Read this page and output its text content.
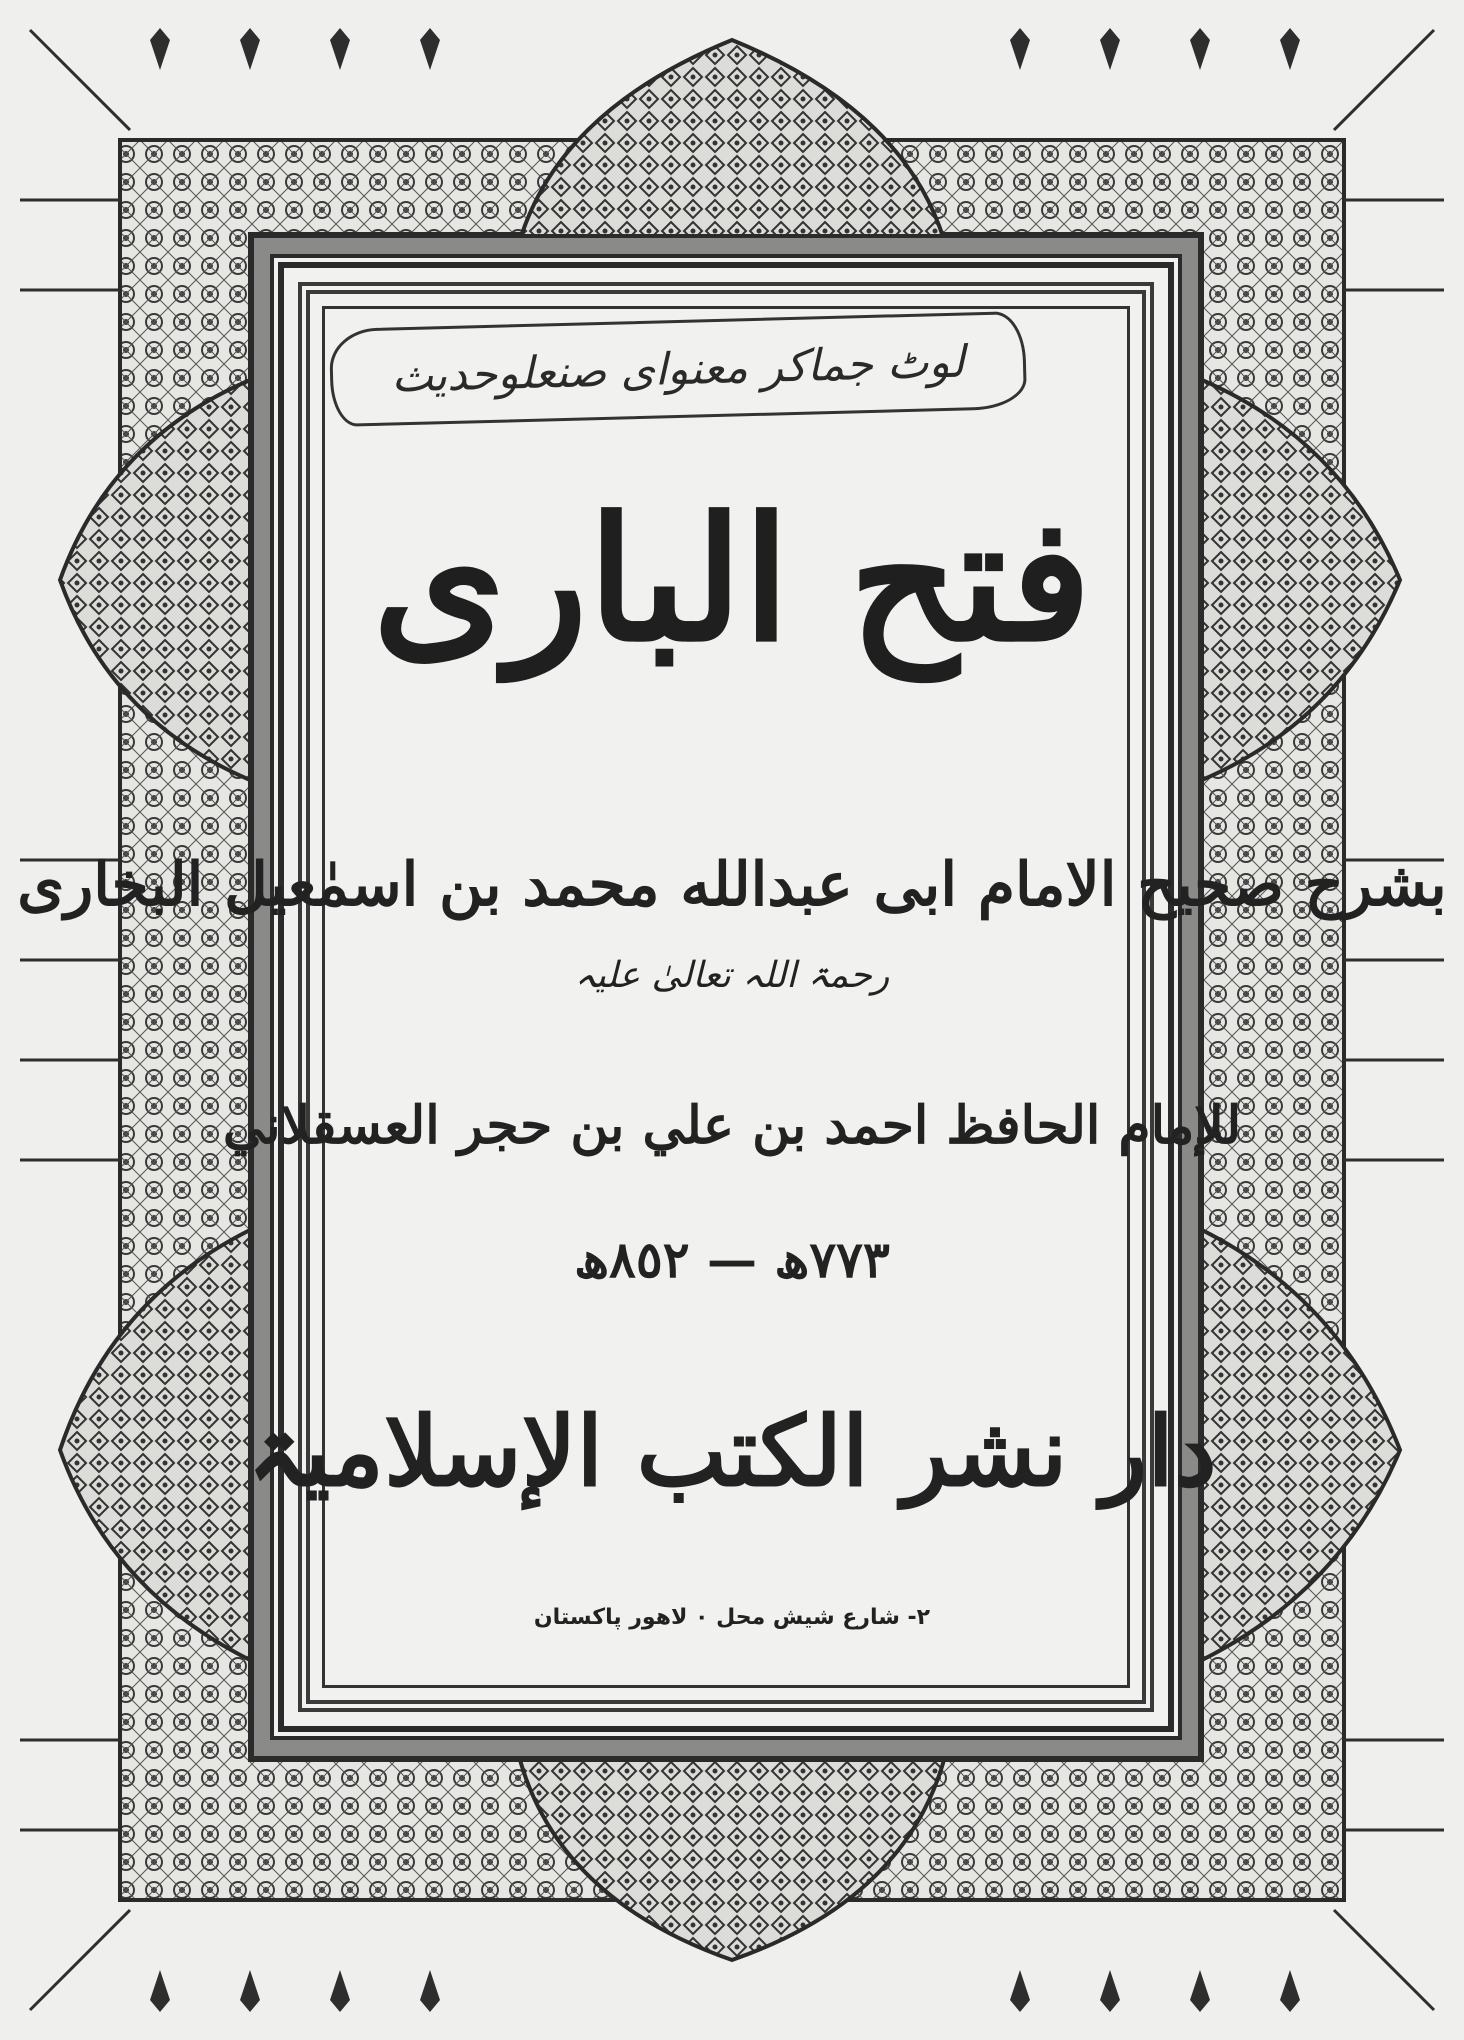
لوٹ جماکر معنوای صنعلوحدیث
فتح الباری
بشرح صحیح الامام ابی عبدالله محمد بن اسمٰعیل البخاری
رحمۃ اللہ تعالیٰ علیہ
للإمام الحافظ احمد بن علي بن حجر العسقلاني
٧٧٣ھ — ٨٥٢ھ
دار نشر الکتب الإسلامیۃ
٢- شارع شیش محل ۰ لاهور پاکستان
